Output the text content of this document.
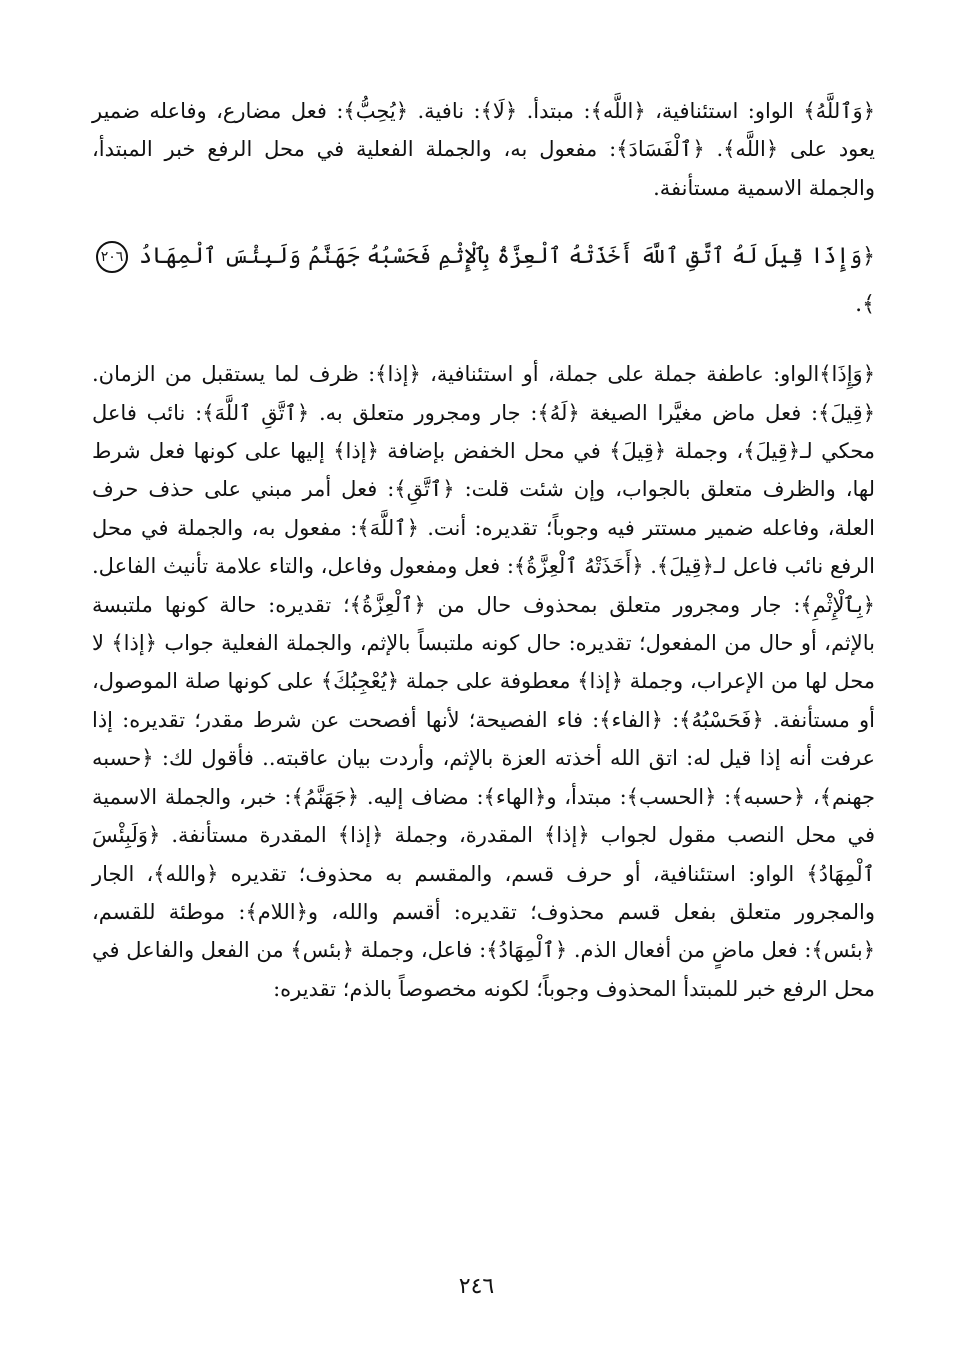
﴿وَٱللَّهُ﴾ الواو: استئنافية، ﴿اللَّه﴾: مبتدأ. ﴿لَا﴾: نافية. ﴿يُحِبُّ﴾: فعل مضارع، وفاعله ضمير يعود على ﴿اللَّه﴾. ﴿ٱلْفَسَادَ﴾: مفعول به، والجملة الفعلية في محل الرفع خبر المبتدأ، والجملة الاسمية مستأنفة.

﴿وَإِذَا قِيلَ لَهُ ٱتَّقِ ٱللَّهَ أَخَذَتْهُ ٱلْعِزَّةُ بِٱلْإِثْمِ فَحَسْبُهُ جَهَنَّمُ وَلَبِئْسَ ٱلْمِهَادُ ٢٠٦ ﴾.

﴿وَإِذَا﴾الواو: عاطفة جملة على جملة، أو استئنافية، ﴿إذا﴾: ظرف لما يستقبل من الزمان. ﴿قِيلَ﴾: فعل ماض مغيَّرا الصيغة ﴿لَهُ﴾: جار ومجرور متعلق به. ﴿ٱتَّقِ ٱللَّهَ﴾: نائب فاعل محكي لـ﴿قِيلَ﴾، وجملة ﴿قِيلَ﴾ في محل الخفض بإضافة ﴿إذا﴾ إليها على كونها فعل شرط لها، والظرف متعلق بالجواب، وإن شئت قلت: ﴿ٱتَّقِ﴾: فعل أمر مبني على حذف حرف العلة، وفاعله ضمير مستتر فيه وجوباً؛ تقديره: أنت. ﴿ٱللَّهَ﴾: مفعول به، والجملة في محل الرفع نائب فاعل لـ﴿قِيلَ﴾. ﴿أَخَذَتْهُ ٱلْعِزَّةُ﴾: فعل ومفعول وفاعل، والتاء علامة تأنيث الفاعل. ﴿بِٱلْإِثْمِ﴾: جار ومجرور متعلق بمحذوف حال من ﴿ٱلْعِزَّةُ﴾؛ تقديره: حالة كونها ملتبسة بالإثم، أو حال من المفعول؛ تقديره: حال كونه ملتبساً بالإثم، والجملة الفعلية جواب ﴿إذا﴾ لا محل لها من الإعراب، وجملة ﴿إذا﴾ معطوفة على جملة ﴿يُعْجِبُكَ﴾ على كونها صلة الموصول، أو مستأنفة. ﴿فَحَسْبُهُ﴾: ﴿الفاء﴾: فاء الفصيحة؛ لأنها أفصحت عن شرط مقدر؛ تقديره: إذا عرفت أنه إذا قيل له: اتق الله أخذته العزة بالإثم، وأردت بيان عاقبته.. فأقول لك: ﴿حسبه جهنم﴾، ﴿حسبه﴾: ﴿الحسب﴾: مبتدأ، و﴿الهاء﴾: مضاف إليه. ﴿جَهَنَّمُ﴾: خبر، والجملة الاسمية في محل النصب مقول لجواب ﴿إذا﴾ المقدرة، وجملة ﴿إذا﴾ المقدرة مستأنفة. ﴿وَلَبِئْسَ ٱلْمِهَادُ﴾ الواو: استئنافية، أو حرف قسم، والمقسم به محذوف؛ تقديره ﴿والله﴾، الجار والمجرور متعلق بفعل قسم محذوف؛ تقديره: أقسم والله، و﴿اللام﴾: موطئة للقسم، ﴿بئس﴾: فعل ماضٍ من أفعال الذم. ﴿ٱلْمِهَادُ﴾: فاعل، وجملة ﴿بئس﴾ من الفعل والفاعل في محل الرفع خبر للمبتدأ المحذوف وجوباً؛ لكونه مخصوصاً بالذم؛ تقديره:

٢٤٦
